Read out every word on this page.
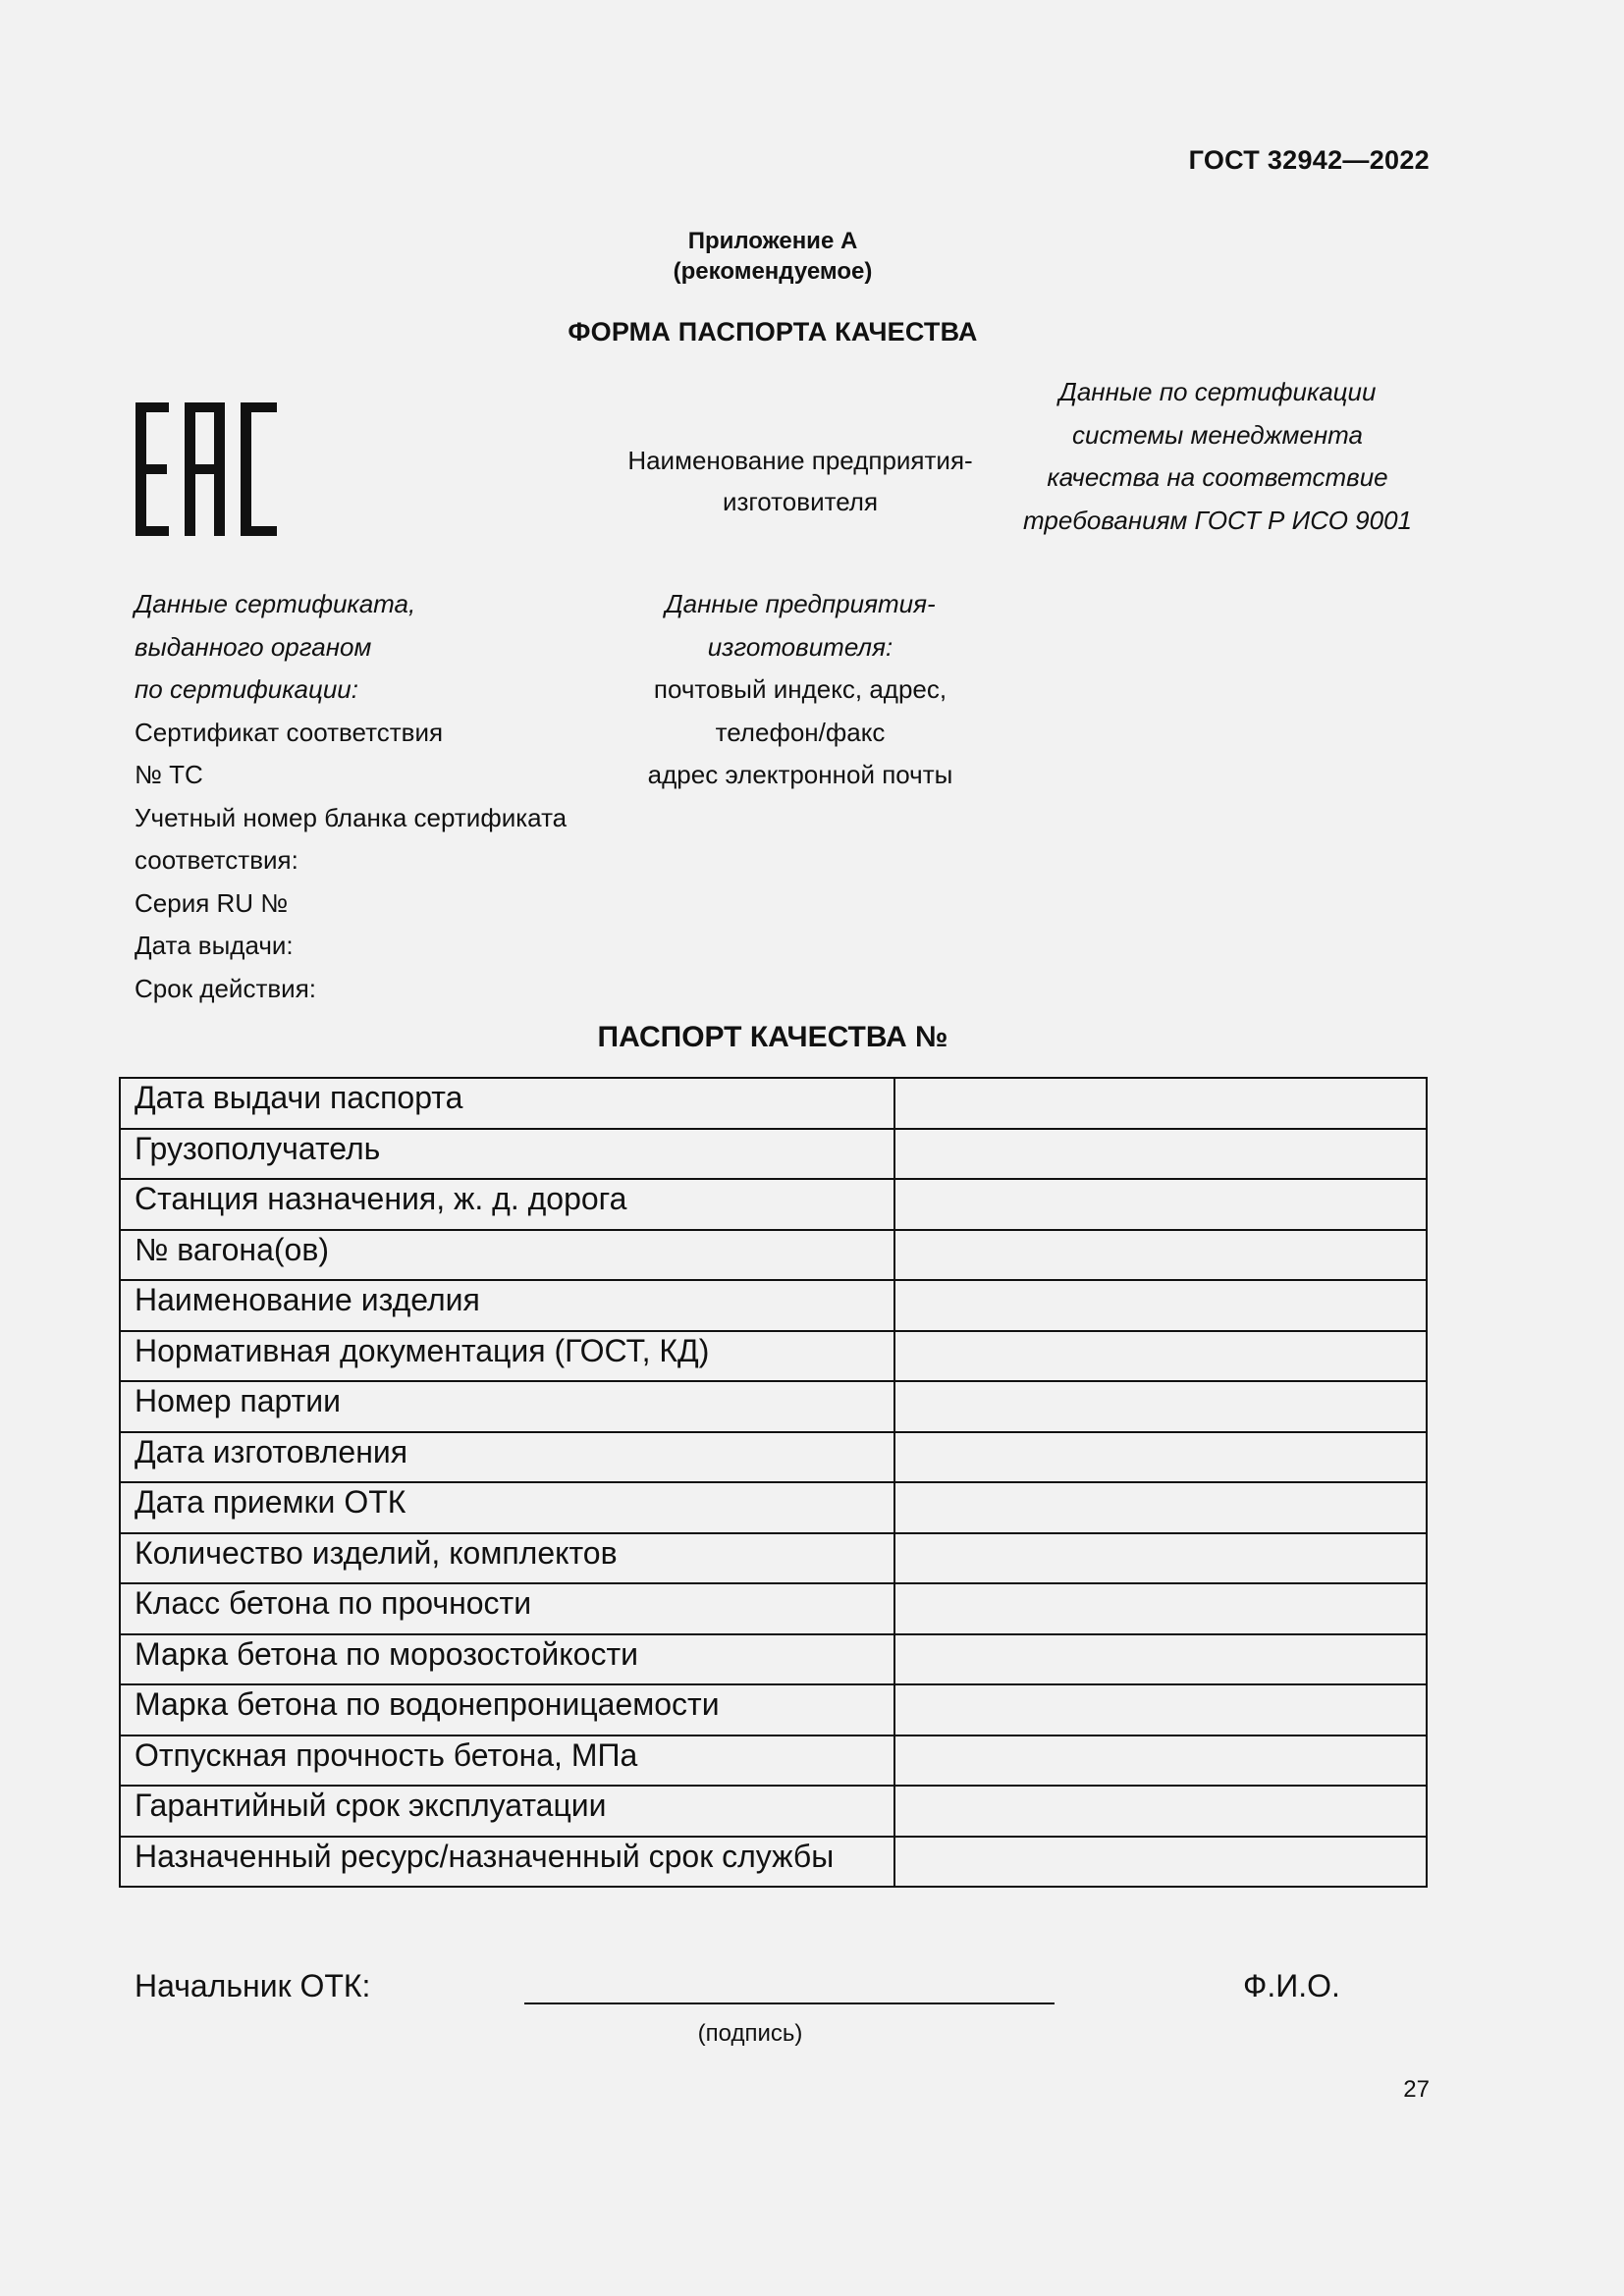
ГОСТ 32942—2022
Приложение А
(рекомендуемое)
ФОРМА ПАСПОРТА КАЧЕСТВА
Наименование предприятия-
изготовителя
Данные по сертификации
системы менеджмента
качества на соответствие
требованиям ГОСТ Р ИСО 9001
Данные сертификата,
выданного органом
по сертификации:
Сертификат соответствия
№ ТС
Учетный номер бланка сертификата
соответствия:
Серия RU №
Дата выдачи:
Срок действия:
Данные предприятия-
изготовителя:
почтовый индекс, адрес,
телефон/факс
адрес электронной почты
ПАСПОРТ КАЧЕСТВА №
Дата выдачи паспорта	
Грузополучатель	
Станция назначения, ж. д. дорога	
№ вагона(ов)	
Наименование изделия	
Нормативная документация (ГОСТ, КД)	
Номер партии	
Дата изготовления	
Дата приемки ОТК	
Количество изделий, комплектов	
Класс бетона по прочности	
Марка бетона по морозостойкости	
Марка бетона по водонепроницаемости	
Отпускная прочность бетона, МПа	
Гарантийный срок эксплуатации	
Назначенный ресурс/назначенный срок службы	
Начальник ОТК:
(подпись)
Ф.И.О.
27
